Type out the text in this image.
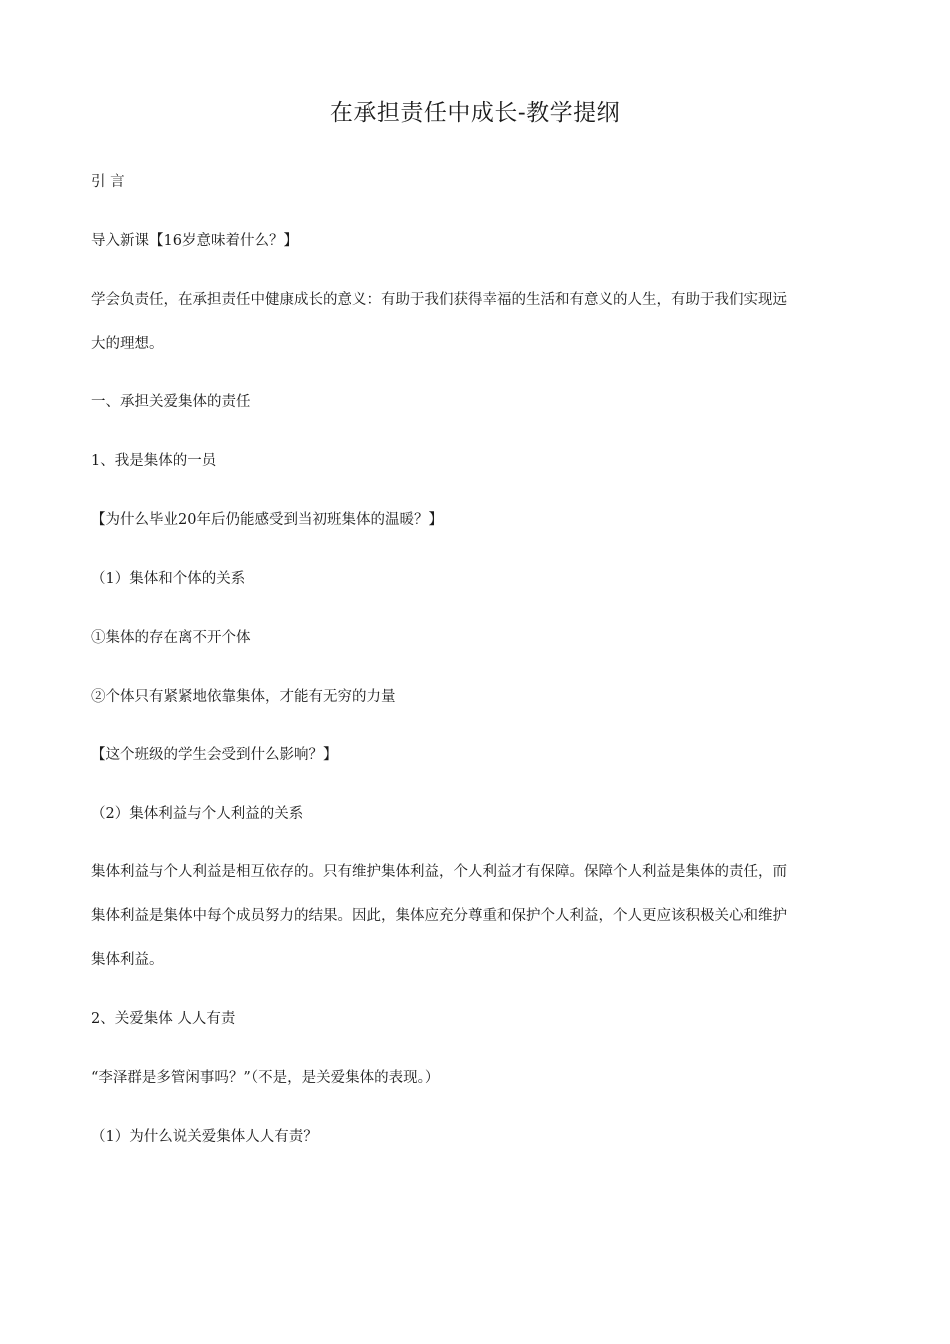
在承担责任中成长-教学提纲
引 言
导入新课【16岁意味着什么？】
学会负责任，在承担责任中健康成长的意义：有助于我们获得幸福的生活和有意义的人生，有助于我们实现远
大的理想。
一、承担关爱集体的责任
1、我是集体的一员
【为什么毕业20年后仍能感受到当初班集体的温暖？】
（1）集体和个体的关系
①集体的存在离不开个体
②个体只有紧紧地依靠集体，才能有无穷的力量
【这个班级的学生会受到什么影响？】
（2）集体利益与个人利益的关系
集体利益与个人利益是相互依存的。只有维护集体利益，个人利益才有保障。保障个人利益是集体的责任，而
集体利益是集体中每个成员努力的结果。因此，集体应充分尊重和保护个人利益，个人更应该积极关心和维护
集体利益。
2、关爱集体 人人有责
“李泽群是多管闲事吗？”（不是，是关爱集体的表现。）
（1）为什么说关爱集体人人有责？
